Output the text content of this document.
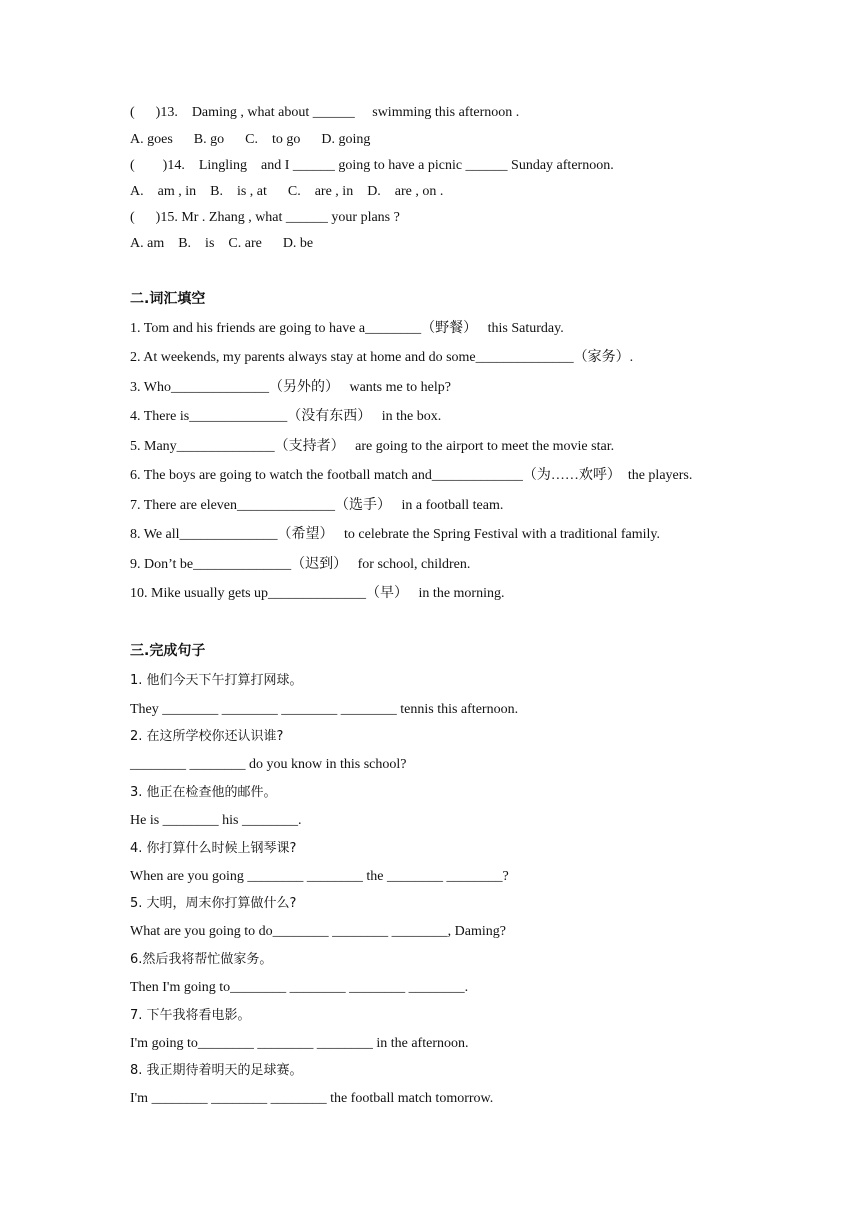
(      )13.    Daming , what about ______     swimming this afternoon .
A. goes      B. go      C.    to go      D. going
(        )14.    Lingling    and I ______ going to have a picnic ______ Sunday afternoon.
A.    am , in    B.    is , at      C.    are , in    D.    are , on .
(      )15. Mr . Zhang , what ______ your plans ?
A. am    B.    is    C. are      D. be
二.词汇填空
1. Tom and his friends are going to have a________（野餐）   this Saturday.
2. At weekends, my parents always stay at home and do some______________（家务）.
3. Who______________（另外的）   wants me to help?
4. There is______________（没有东西）   in the box.
5. Many______________（支持者）   are going to the airport to meet the movie star.
6. The boys are going to watch the football match and_____________（为……欢呼）  the players.
7. There are eleven______________（选手）   in a football team.
8. We all______________（希望）   to celebrate the Spring Festival with a traditional family.
9. Don’t be______________（迟到）   for school, children.
10. Mike usually gets up______________（早）   in the morning.
三.完成句子
1. 他们今天下午打算打网球。
They ________ ________ ________ ________ tennis this afternoon.
2. 在这所学校你还认识谁?
________ ________ do you know in this school?
3. 他正在检查他的邮件。
He is ________ his ________.
4. 你打算什么时候上钢琴课?
When are you going ________ ________ the ________ ________?
5. 大明，周末你打算做什么?
What are you going to do________ ________ ________, Daming?
6.然后我将帮忙做家务。
Then I'm going to________ ________ ________ ________.
7. 下午我将看电影。
I'm going to________ ________ ________ in the afternoon.
8. 我正期待着明天的足球赛。
I'm ________ ________ ________ the football match tomorrow.
